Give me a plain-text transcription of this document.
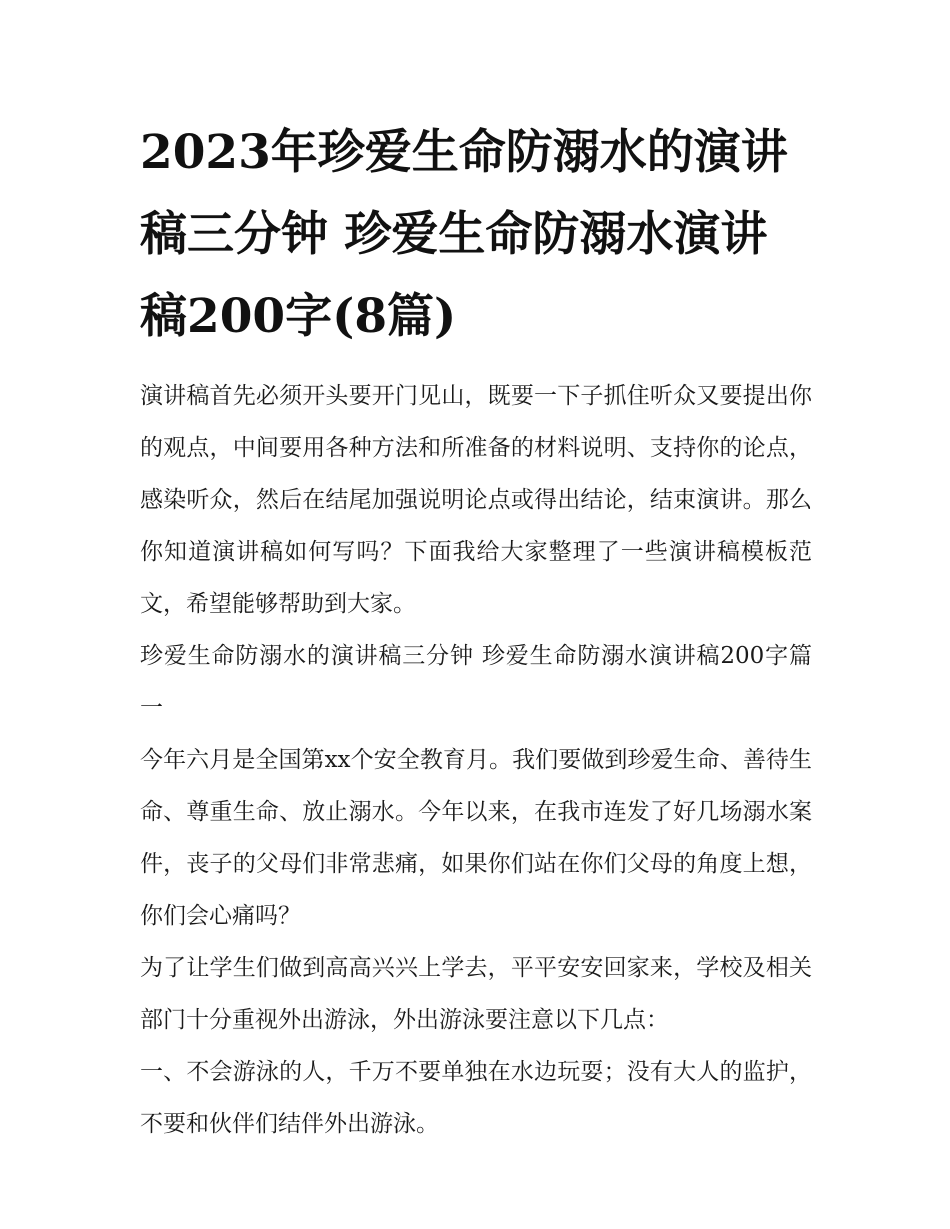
2023年珍爱生命防溺水的演讲稿三分钟 珍爱生命防溺水演讲稿200字(8篇)

演讲稿首先必须开头要开门见山，既要一下子抓住听众又要提出你的观点，中间要用各种方法和所准备的材料说明、支持你的论点，感染听众，然后在结尾加强说明论点或得出结论，结束演讲。那么你知道演讲稿如何写吗？下面我给大家整理了一些演讲稿模板范文，希望能够帮助到大家。

珍爱生命防溺水的演讲稿三分钟 珍爱生命防溺水演讲稿200字篇一

今年六月是全国第xx个安全教育月。我们要做到珍爱生命、善待生命、尊重生命、放止溺水。今年以来，在我市连发了好几场溺水案件，丧子的父母们非常悲痛，如果你们站在你们父母的角度上想，你们会心痛吗？

为了让学生们做到高高兴兴上学去，平平安安回家来，学校及相关部门十分重视外出游泳，外出游泳要注意以下几点：

一、不会游泳的人，千万不要单独在水边玩耍；没有大人的监护，不要和伙伴们结伴外出游泳。
